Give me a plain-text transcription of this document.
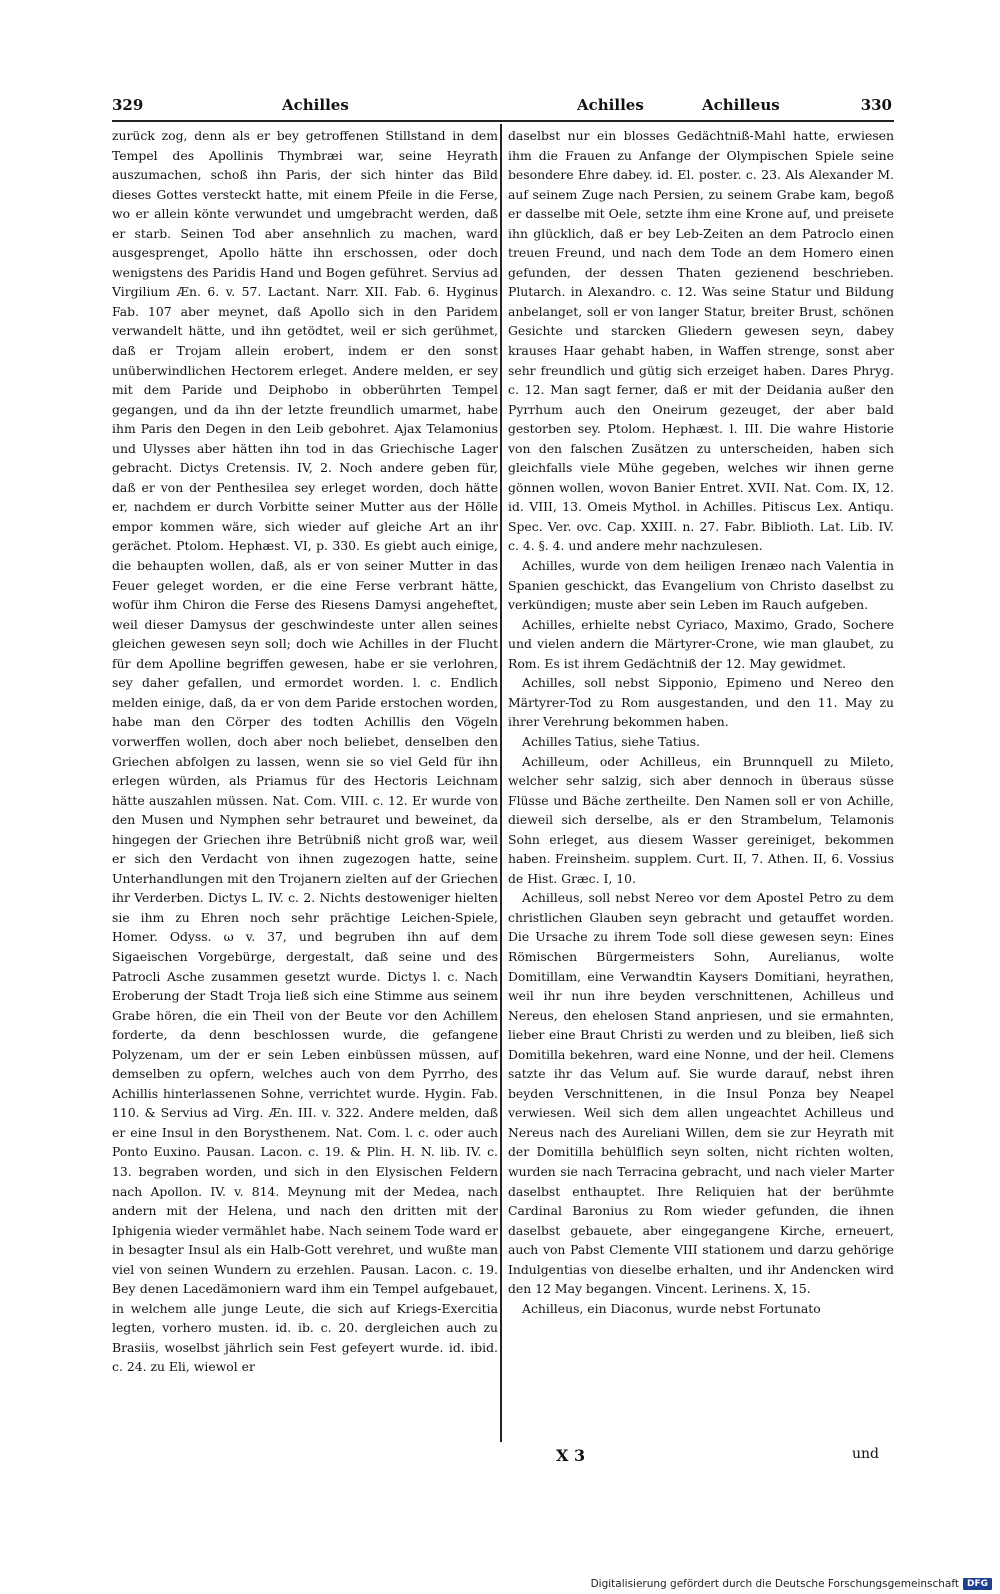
329	Achilles	Achilles	Achilleus	330

zurück zog, denn als er bey getroffenen Stillstand in dem Tempel des Apollinis Thymbræi war, seine Heyrath auszumachen, schoß ihn Paris, der sich hinter das Bild dieses Gottes versteckt hatte, mit einem Pfeile in die Ferse, wo er allein könte verwundet und umgebracht werden, daß er starb. Seinen Tod aber ansehnlich zu machen, ward ausgesprenget, Apollo hätte ihn erschossen, oder doch wenigstens des Paridis Hand und Bogen geführet. Servius ad Virgilium Æn. 6. v. 57. Lactant. Narr. XII. Fab. 6. Hyginus Fab. 107 aber meynet, daß Apollo sich in den Paridem verwandelt hätte, und ihn getödtet, weil er sich gerühmet, daß er Trojam allein erobert, indem er den sonst unüberwindlichen Hectorem erleget. Andere melden, er sey mit dem Paride und Deiphobo in obberührten Tempel gegangen, und da ihn der letzte freundlich umarmet, habe ihm Paris den Degen in den Leib gebohret. Ajax Telamonius und Ulysses aber hätten ihn tod in das Griechische Lager gebracht. Dictys Cretensis. IV, 2. Noch andere geben für, daß er von der Penthesilea sey erleget worden, doch hätte er, nachdem er durch Vorbitte seiner Mutter aus der Hölle empor kommen wäre, sich wieder auf gleiche Art an ihr gerächet. Ptolom. Hephæst. VI, p. 330. Es giebt auch einige, die behaupten wollen, daß, als er von seiner Mutter in das Feuer geleget worden, er die eine Ferse verbrant hätte, wofür ihm Chiron die Ferse des Riesens Damysi angeheftet, weil dieser Damysus der geschwindeste unter allen seines gleichen gewesen seyn soll; doch wie Achilles in der Flucht für dem Apolline begriffen gewesen, habe er sie verlohren, sey daher gefallen, und ermordet worden. l. c. Endlich melden einige, daß, da er von dem Paride erstochen worden, habe man den Cörper des todten Achillis den Vögeln vorwerffen wollen, doch aber noch beliebet, denselben den Griechen abfolgen zu lassen, wenn sie so viel Geld für ihn erlegen würden, als Priamus für des Hectoris Leichnam hätte auszahlen müssen. Nat. Com. VIII. c. 12. Er wurde von den Musen und Nymphen sehr betrauret und beweinet, da hingegen der Griechen ihre Betrübniß nicht groß war, weil er sich den Verdacht von ihnen zugezogen hatte, seine Unterhandlungen mit den Trojanern zielten auf der Griechen ihr Verderben. Dictys L. IV. c. 2. Nichts destoweniger hielten sie ihm zu Ehren noch sehr prächtige Leichen-Spiele, Homer. Odyss. ω v. 37, und begruben ihn auf dem Sigaeischen Vorgebürge, dergestalt, daß seine und des Patrocli Asche zusammen gesetzt wurde. Dictys l. c. Nach Eroberung der Stadt Troja ließ sich eine Stimme aus seinem Grabe hören, die ein Theil von der Beute vor den Achillem forderte, da denn beschlossen wurde, die gefangene Polyzenam, um der er sein Leben einbüssen müssen, auf demselben zu opfern, welches auch von dem Pyrrho, des Achillis hinterlassenen Sohne, verrichtet wurde. Hygin. Fab. 110. & Servius ad Virg. Æn. III. v. 322. Andere melden, daß er eine Insul in den Borysthenem. Nat. Com. l. c. oder auch Ponto Euxino. Pausan. Lacon. c. 19. & Plin. H. N. lib. IV. c. 13. begraben worden, und sich in den Elysischen Feldern nach Apollon. IV. v. 814. Meynung mit der Medea, nach andern mit der Helena, und nach den dritten mit der Iphigenia wieder vermählet habe. Nach seinem Tode ward er in besagter Insul als ein Halb-Gott verehret, und wußte man viel von seinen Wundern zu erzehlen. Pausan. Lacon. c. 19. Bey denen Lacedämoniern ward ihm ein Tempel aufgebauet, in welchem alle junge Leute, die sich auf Kriegs-Exercitia legten, vorhero musten. id. ib. c. 20. dergleichen auch zu Brasiis, woselbst jährlich sein Fest gefeyert wurde. id. ibid. c. 24. zu Eli, wiewol er

daselbst nur ein blosses Gedächtniß-Mahl hatte, erwiesen ihm die Frauen zu Anfange der Olympischen Spiele seine besondere Ehre dabey. id. El. poster. c. 23. Als Alexander M. auf seinem Zuge nach Persien, zu seinem Grabe kam, begoß er dasselbe mit Oele, setzte ihm eine Krone auf, und preisete ihn glücklich, daß er bey Leb-Zeiten an dem Patroclo einen treuen Freund, und nach dem Tode an dem Homero einen gefunden, der dessen Thaten gezienend beschrieben. Plutarch. in Alexandro. c. 12. Was seine Statur und Bildung anbelanget, soll er von langer Statur, breiter Brust, schönen Gesichte und starcken Gliedern gewesen seyn, dabey krauses Haar gehabt haben, in Waffen strenge, sonst aber sehr freundlich und gütig sich erzeiget haben. Dares Phryg. c. 12. Man sagt ferner, daß er mit der Deidania außer den Pyrrhum auch den Oneirum gezeuget, der aber bald gestorben sey. Ptolom. Hephæst. l. III. Die wahre Historie von den falschen Zusätzen zu unterscheiden, haben sich gleichfalls viele Mühe gegeben, welches wir ihnen gerne gönnen wollen, wovon Banier Entret. XVII. Nat. Com. IX, 12. id. VIII, 13. Omeis Mythol. in Achilles. Pitiscus Lex. Antiqu. Spec. Ver. ovc. Cap. XXIII. n. 27. Fabr. Biblioth. Lat. Lib. IV. c. 4. §. 4. und andere mehr nachzulesen.

Achilles, wurde von dem heiligen Irenæo nach Valentia in Spanien geschickt, das Evangelium von Christo daselbst zu verkündigen; muste aber sein Leben im Rauch aufgeben.

Achilles, erhielte nebst Cyriaco, Maximo, Grado, Sochere und vielen andern die Märtyrer-Crone, wie man glaubet, zu Rom. Es ist ihrem Gedächtniß der 12. May gewidmet.

Achilles, soll nebst Sipponio, Epimeno und Nereo den Märtyrer-Tod zu Rom ausgestanden, und den 11. May zu ihrer Verehrung bekommen haben.

Achilles Tatius, siehe Tatius.

Achilleum, oder Achilleus, ein Brunnquell zu Mileto, welcher sehr salzig, sich aber dennoch in überaus süsse Flüsse und Bäche zertheilte. Den Namen soll er von Achille, dieweil sich derselbe, als er den Strambelum, Telamonis Sohn erleget, aus diesem Wasser gereiniget, bekommen haben. Freinsheim. supplem. Curt. II, 7. Athen. II, 6. Vossius de Hist. Græc. I, 10.

Achilleus, soll nebst Nereo vor dem Apostel Petro zu dem christlichen Glauben seyn gebracht und getauffet worden. Die Ursache zu ihrem Tode soll diese gewesen seyn: Eines Römischen Bürgermeisters Sohn, Aurelianus, wolte Domitillam, eine Verwandtin Kaysers Domitiani, heyrathen, weil ihr nun ihre beyden verschnittenen, Achilleus und Nereus, den ehelosen Stand anpriesen, und sie ermahnten, lieber eine Braut Christi zu werden und zu bleiben, ließ sich Domitilla bekehren, ward eine Nonne, und der heil. Clemens satzte ihr das Velum auf. Sie wurde darauf, nebst ihren beyden Verschnittenen, in die Insul Ponza bey Neapel verwiesen. Weil sich dem allen ungeachtet Achilleus und Nereus nach des Aureliani Willen, dem sie zur Heyrath mit der Domitilla behülflich seyn solten, nicht richten wolten, wurden sie nach Terracina gebracht, und nach vieler Marter daselbst enthauptet. Ihre Reliquien hat der berühmte Cardinal Baronius zu Rom wieder gefunden, die ihnen daselbst gebauete, aber eingegangene Kirche, erneuert, auch von Pabst Clemente VIII stationem und darzu gehörige Indulgentias von dieselbe erhalten, und ihr Andencken wird den 12 May begangen. Vincent. Lerinens. X, 15.

Achilleus, ein Diaconus, wurde nebst Fortunato

X 3	und
Digitalisierung gefördert durch die Deutsche Forschungsgemeinschaft DFG
